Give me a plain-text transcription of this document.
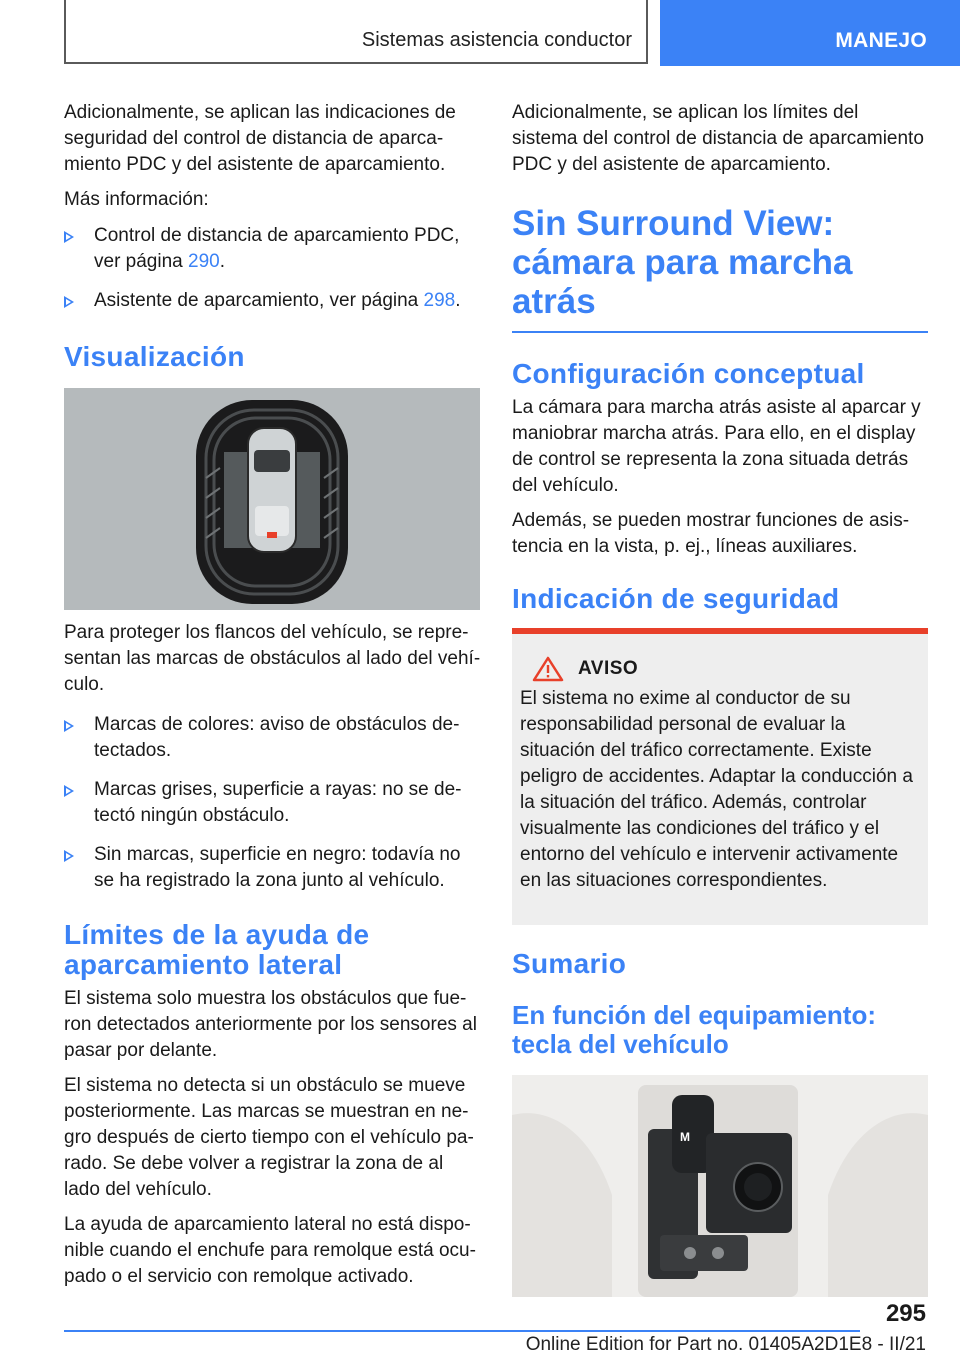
Sistemas asistencia conductor	MANEJO

Adicionalmente, se aplican las indicaciones de seguridad del control de distancia de aparcamiento PDC y del asistente de aparcamiento.

Más información:

Control de distancia de aparcamiento PDC, ver página 290.
Asistente de aparcamiento, ver página 298.
Visualización

Para proteger los flancos del vehículo, se representan las marcas de obstáculos al lado del vehículo.

Marcas de colores: aviso de obstáculos detectados.
Marcas grises, superficie a rayas: no se detectó ningún obstáculo.
Sin marcas, superficie en negro: todavía no se ha registrado la zona junto al vehículo.
Límites de la ayuda de aparcamiento lateral

El sistema solo muestra los obstáculos que fueron detectados anteriormente por los sensores al pasar por delante.

El sistema no detecta si un obstáculo se mueve posteriormente. Las marcas se muestran en negro después de cierto tiempo con el vehículo parado. Se debe volver a registrar la zona de al lado del vehículo.

La ayuda de aparcamiento lateral no está disponible cuando el enchufe para remolque está ocupado o el servicio con remolque activado.

Adicionalmente, se aplican los límites del sistema del control de distancia de aparcamiento PDC y del asistente de aparcamiento.

Sin Surround View: cámara para marcha atrás
Configuración conceptual

La cámara para marcha atrás asiste al aparcar y maniobrar marcha atrás. Para ello, en el display de control se representa la zona situada detrás del vehículo.

Además, se pueden mostrar funciones de asistencia en la vista, p. ej., líneas auxiliares.

Indicación de seguridad
AVISO

El sistema no exime al conductor de su responsabilidad personal de evaluar la situación del tráfico correctamente. Existe peligro de accidentes. Adaptar la conducción a la situación del tráfico. Además, controlar visualmente las condiciones del tráfico y el entorno del vehículo e intervenir activamente en las situaciones correspondientes.

Sumario
En función del equipamiento: tecla del vehículo
M
295
Online Edition for Part no. 01405A2D1E8 - II/21
